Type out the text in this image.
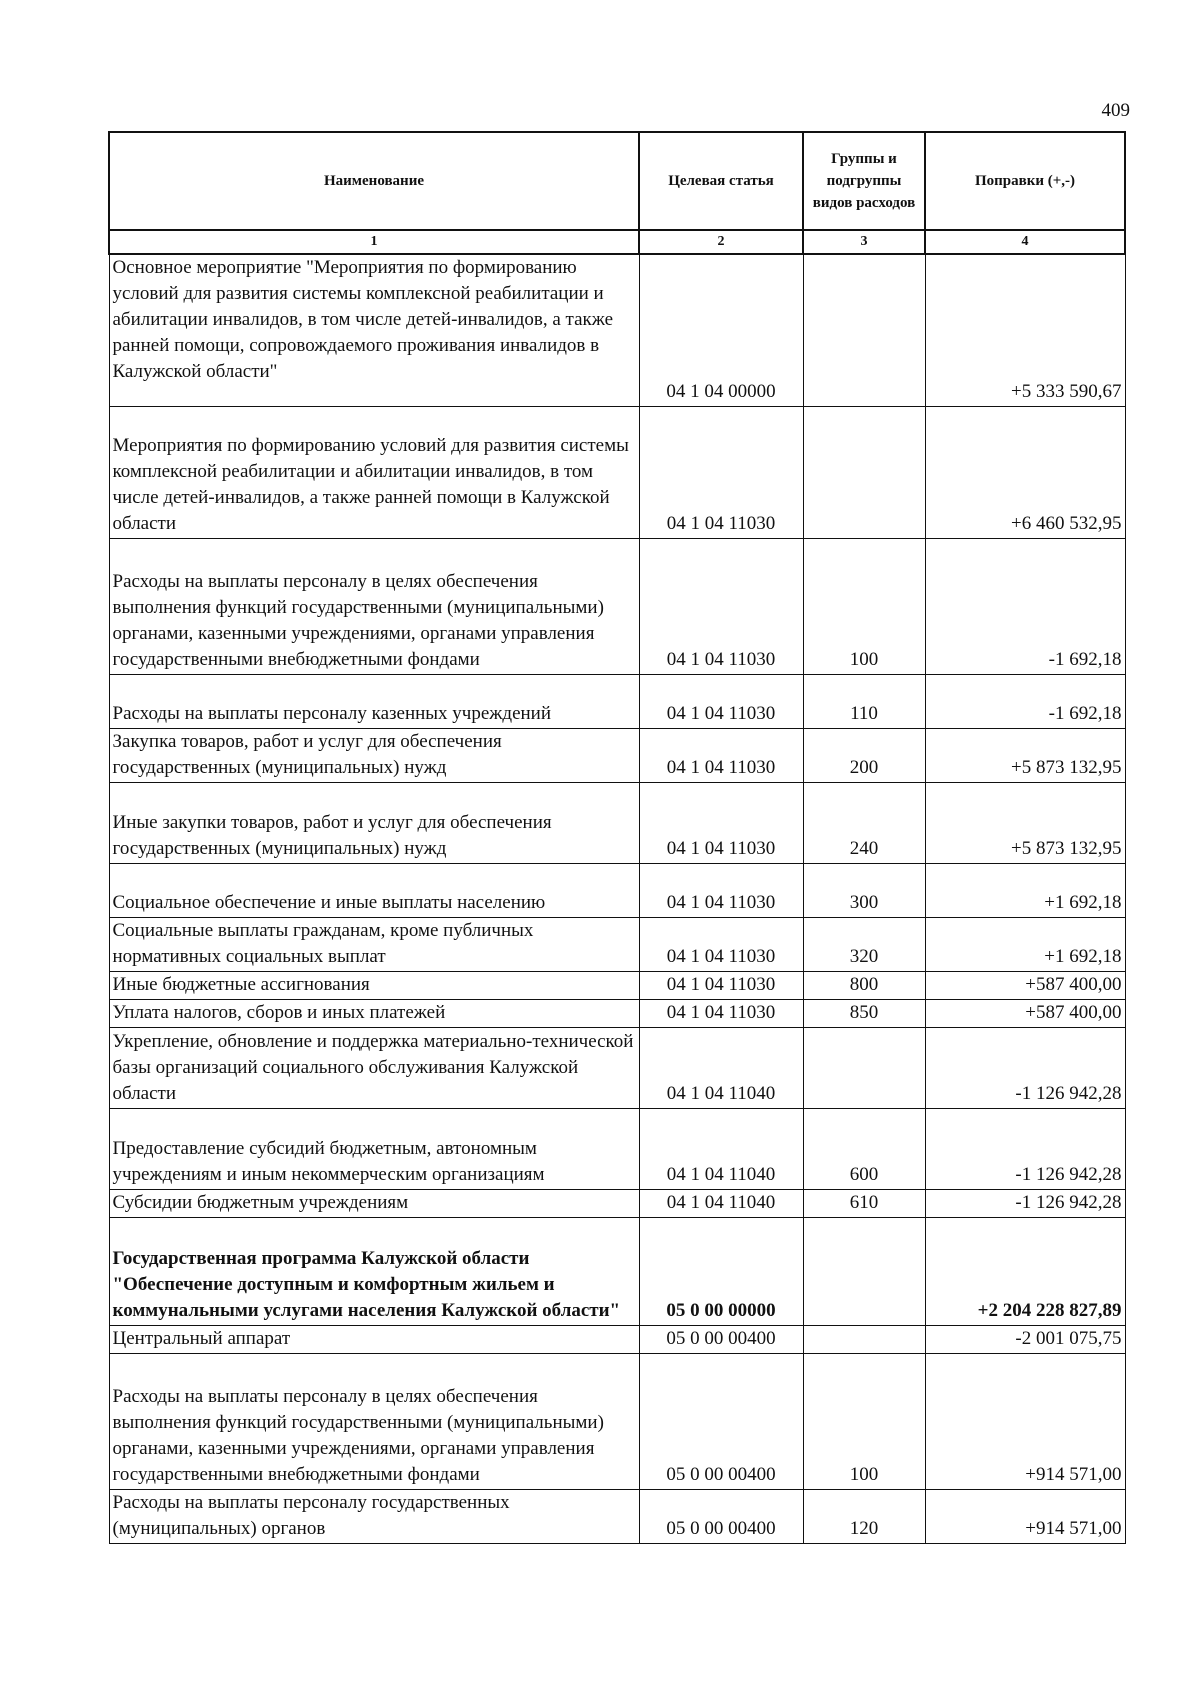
409
Наименование	Целевая статья	Группы и подгруппы видов расходов	Поправки (+,-)
1	2	3	4
Основное мероприятие "Мероприятия по формированию условий для развития системы комплексной реабилитации и абилитации инвалидов, в том числе детей-инвалидов, а также ранней помощи, сопровождаемого проживания инвалидов в Калужской области"	04 1 04 00000		+5 333 590,67
Мероприятия по формированию условий для развития системы комплексной реабилитации и абилитации инвалидов, в том числе детей-инвалидов, а также ранней помощи в Калужской области	04 1 04 11030		+6 460 532,95
Расходы на выплаты персоналу в целях обеспечения выполнения функций государственными (муниципальными) органами, казенными учреждениями, органами управления государственными внебюджетными фондами	04 1 04 11030	100	-1 692,18
Расходы на выплаты персоналу казенных учреждений	04 1 04 11030	110	-1 692,18
Закупка товаров, работ и услуг для обеспечения государственных (муниципальных) нужд	04 1 04 11030	200	+5 873 132,95
Иные закупки товаров, работ и услуг для обеспечения государственных (муниципальных) нужд	04 1 04 11030	240	+5 873 132,95
Социальное обеспечение и иные выплаты населению	04 1 04 11030	300	+1 692,18
Социальные выплаты гражданам, кроме публичных нормативных социальных выплат	04 1 04 11030	320	+1 692,18
Иные бюджетные ассигнования	04 1 04 11030	800	+587 400,00
Уплата налогов, сборов и иных платежей	04 1 04 11030	850	+587 400,00
Укрепление, обновление и поддержка материально-технической базы организаций социального обслуживания Калужской области	04 1 04 11040		-1 126 942,28
Предоставление субсидий бюджетным, автономным учреждениям и иным некоммерческим организациям	04 1 04 11040	600	-1 126 942,28
Субсидии бюджетным учреждениям	04 1 04 11040	610	-1 126 942,28
Государственная программа Калужской области "Обеспечение доступным и комфортным жильем и коммунальными услугами населения Калужской области"	05 0 00 00000		+2 204 228 827,89
Центральный аппарат	05 0 00 00400		-2 001 075,75
Расходы на выплаты персоналу в целях обеспечения выполнения функций государственными (муниципальными) органами, казенными учреждениями, органами управления государственными внебюджетными фондами	05 0 00 00400	100	+914 571,00
Расходы на выплаты персоналу государственных (муниципальных) органов	05 0 00 00400	120	+914 571,00
